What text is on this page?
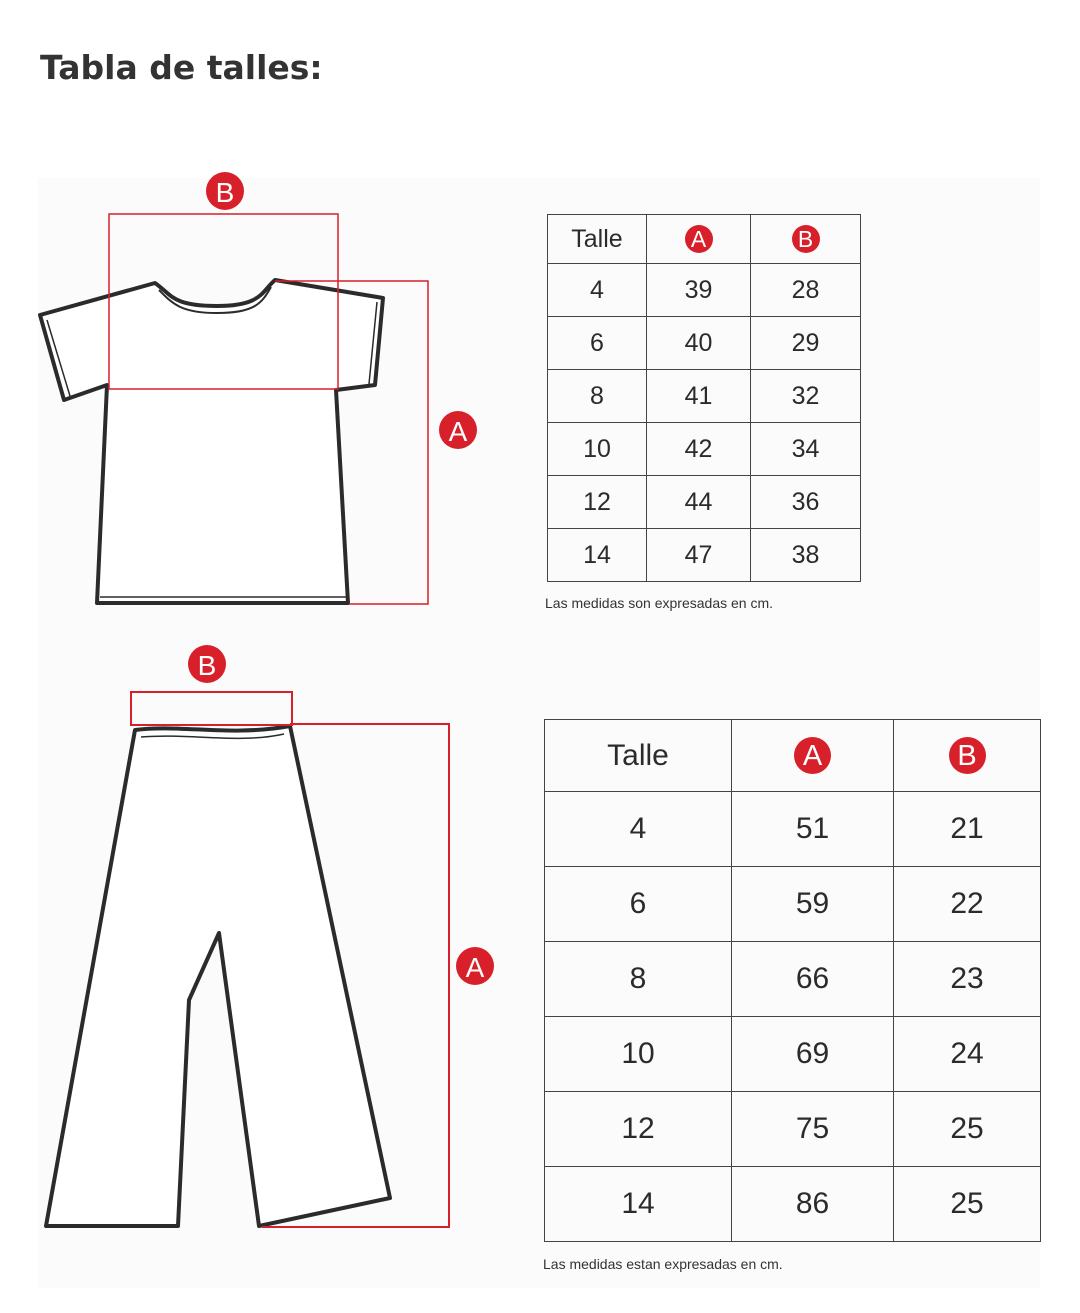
Tabla de talles:
B
A
B
A
Talle	A	B
4	39	28
6	40	29
8	41	32
10	42	34
12	44	36
14	47	38

Las medidas son expresadas en cm.

Talle	A	B
4	51	21
6	59	22
8	66	23
10	69	24
12	75	25
14	86	25

Las medidas estan expresadas en cm.
